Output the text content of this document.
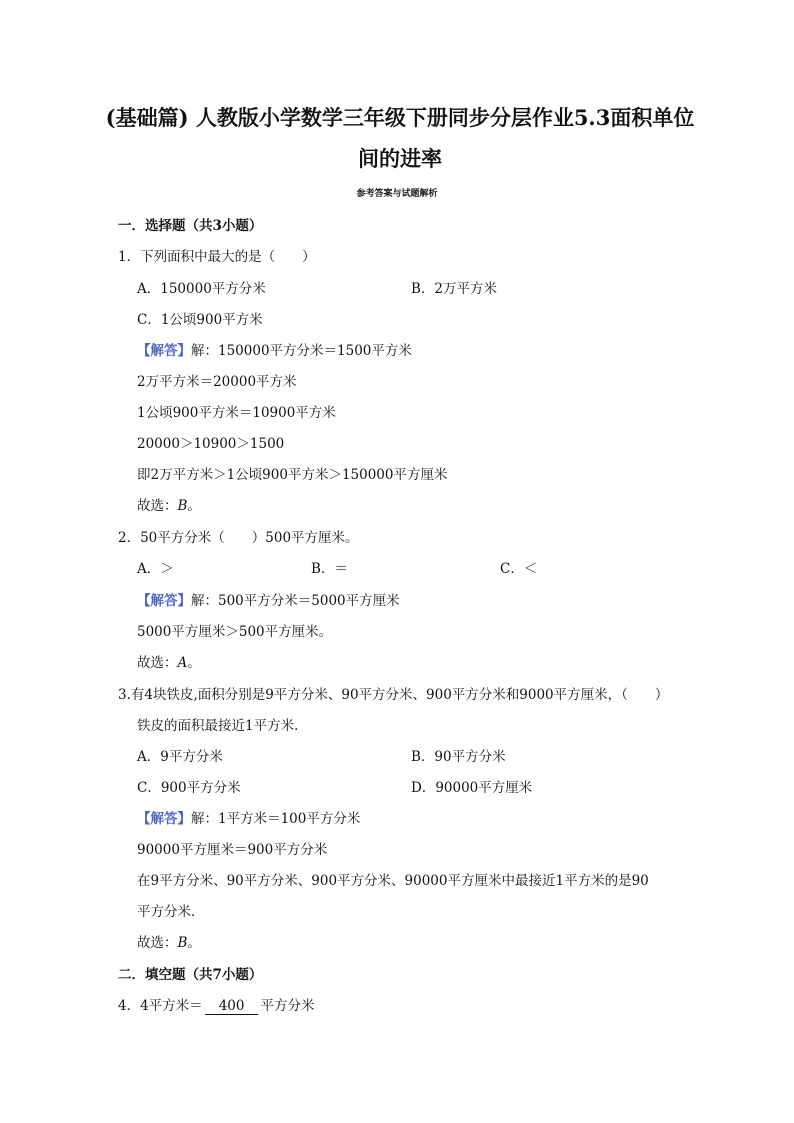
(基础篇) 人教版小学数学三年级下册同步分层作业5.3面积单位
间的进率
参考答案与试题解析
一．选择题（共3小题）
1．下列面积中最大的是（　　）
A．150000平方分米	B．2万平方米
C．1公顷900平方米
【解答】解：150000平方分米＝1500平方米
2万平方米＝20000平方米
1公顷900平方米＝10900平方米
20000＞10900＞1500
即2万平方米＞1公顷900平方米＞150000平方厘米
故选：B。
2．50平方分米（　　）500平方厘米。
A．＞	B．＝	C．＜
【解答】解：500平方分米＝5000平方厘米
5000平方厘米＞500平方厘米。
故选：A。
3.有4块铁皮,面积分别是9平方分米、90平方分米、900平方分米和9000平方厘米，（　　）
铁皮的面积最接近1平方米．
A．9平方分米	B．90平方分米
C．900平方分米	D．90000平方厘米
【解答】解：1平方米＝100平方分米
90000平方厘米＝900平方分米
在9平方分米、90平方分米、900平方分米、90000平方厘米中最接近1平方米的是90
平方分米．
故选：B。
二．填空题（共7小题）
4．4平方米＝ 400 平方分米
